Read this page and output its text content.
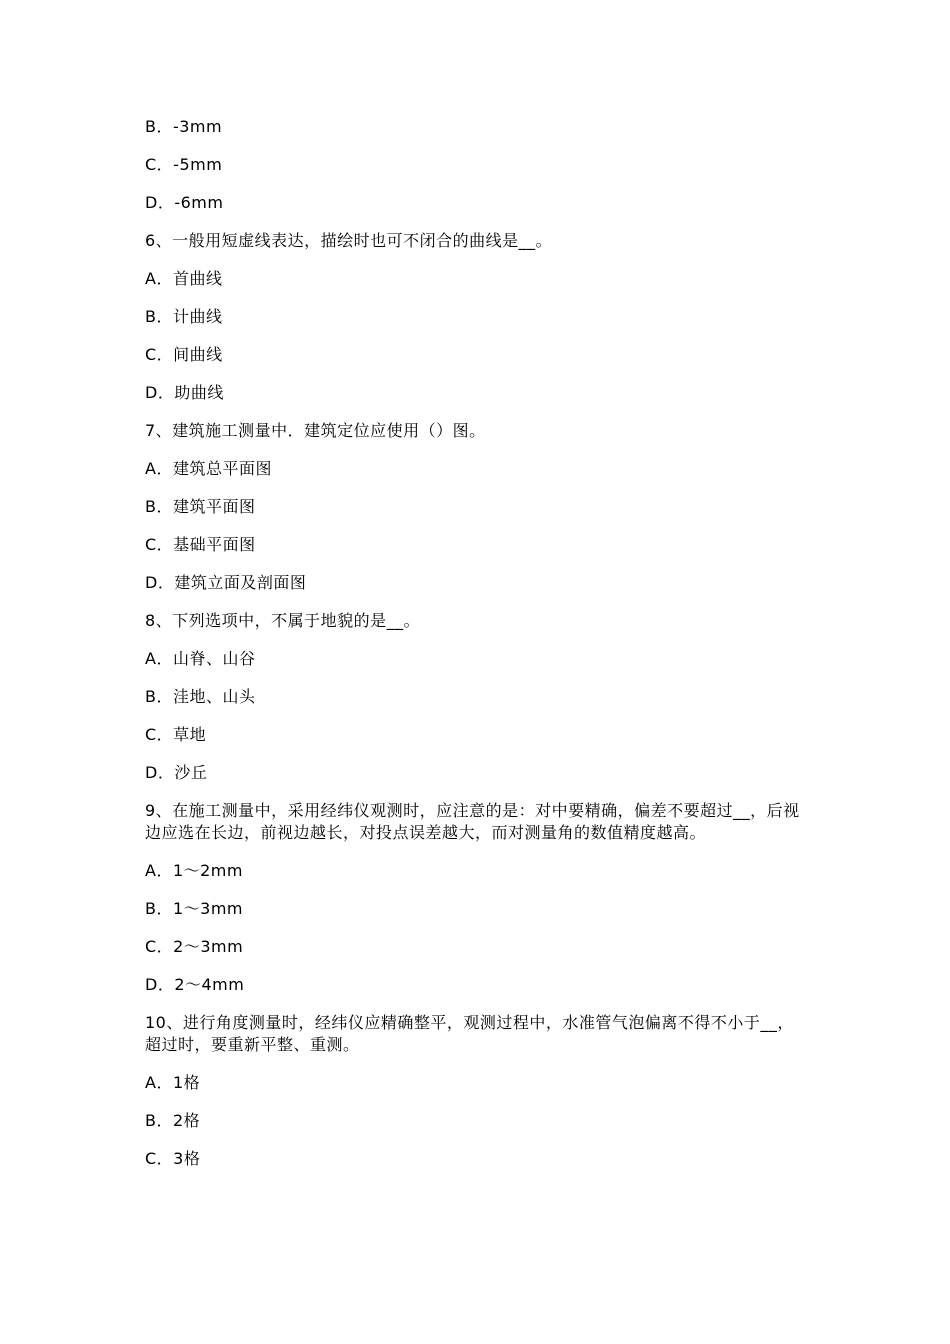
B．-3mm
C．-5mm
D．-6mm
6、一般用短虚线表达，描绘时也可不闭合的曲线是__。
A．首曲线
B．计曲线
C．间曲线
D．助曲线
7、建筑施工测量中．建筑定位应使用（）图。
A．建筑总平面图
B．建筑平面图
C．基础平面图
D．建筑立面及剖面图
8、下列选项中，不属于地貌的是__。
A．山脊、山谷
B．洼地、山头
C．草地
D．沙丘
9、在施工测量中，采用经纬仪观测时，应注意的是：对中要精确，偏差不要超过__，后视边应选在长边，前视边越长，对投点误差越大，而对测量角的数值精度越高。
A．1～2mm
B．1～3mm
C．2～3mm
D．2～4mm
10、进行角度测量时，经纬仪应精确整平，观测过程中，水准管气泡偏离不得不小于__，超过时，要重新平整、重测。
A．1格
B．2格
C．3格
